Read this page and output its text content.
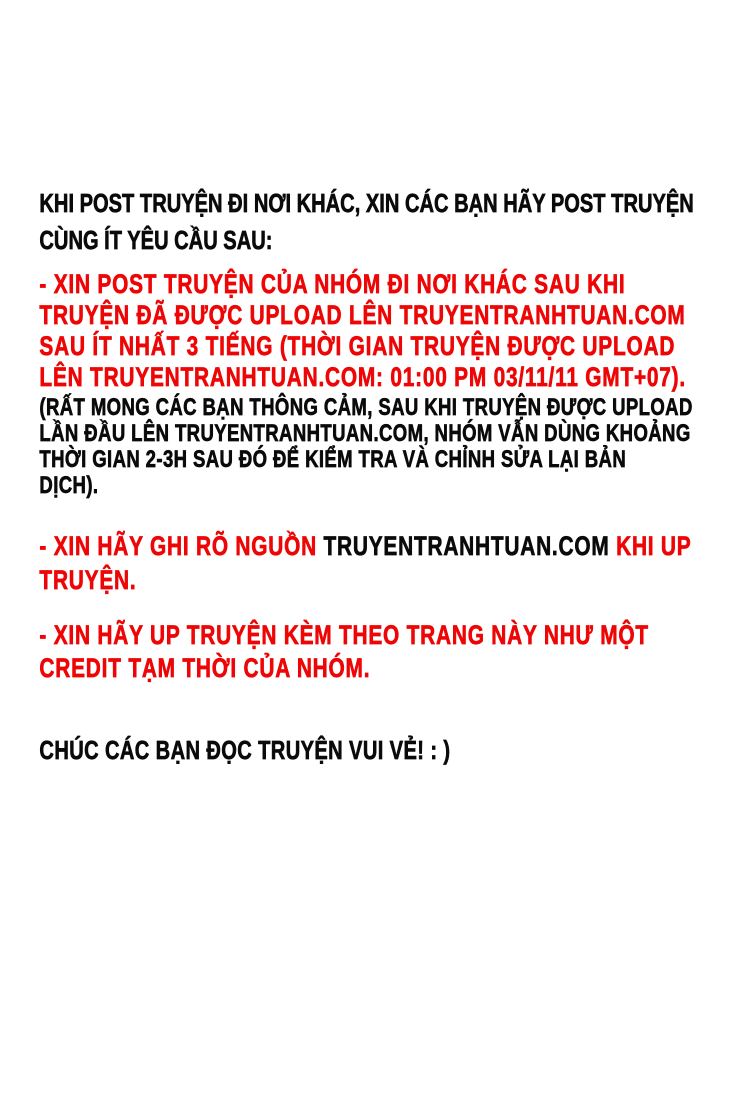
KHI POST TRUYỆN ĐI NƠI KHÁC, XIN CÁC BẠN HÃY POST TRUYỆN
CÙNG ÍT YÊU CẦU SAU:
- XIN POST TRUYỆN CỦA NHÓM ĐI NƠI KHÁC SAU KHI
TRUYỆN ĐÃ ĐƯỢC UPLOAD LÊN TRUYENTRANHTUAN.COM
SAU ÍT NHẤT 3 TIẾNG (THỜI GIAN TRUYỆN ĐƯỢC UPLOAD
LÊN TRUYENTRANHTUAN.COM: 01:00 PM 03/11/11 GMT+07).
(RẤT MONG CÁC BẠN THÔNG CẢM, SAU KHI TRUYỆN ĐƯỢC UPLOAD
LẦN ĐẦU LÊN TRUYENTRANHTUAN.COM, NHÓM VẪN DÙNG KHOẢNG
THỜI GIAN 2-3H SAU ĐÓ ĐỂ KIỂM TRA VÀ CHỈNH SỬA LẠI BẢN
DỊCH).
- XIN HÃY GHI RÕ NGUỒN TRUYENTRANHTUAN.COM KHI UP
TRUYỆN.
- XIN HÃY UP TRUYỆN KÈM THEO TRANG NÀY NHƯ MỘT
CREDIT TẠM THỜI CỦA NHÓM.
CHÚC CÁC BẠN ĐỌC TRUYỆN VUI VẺ! : )
